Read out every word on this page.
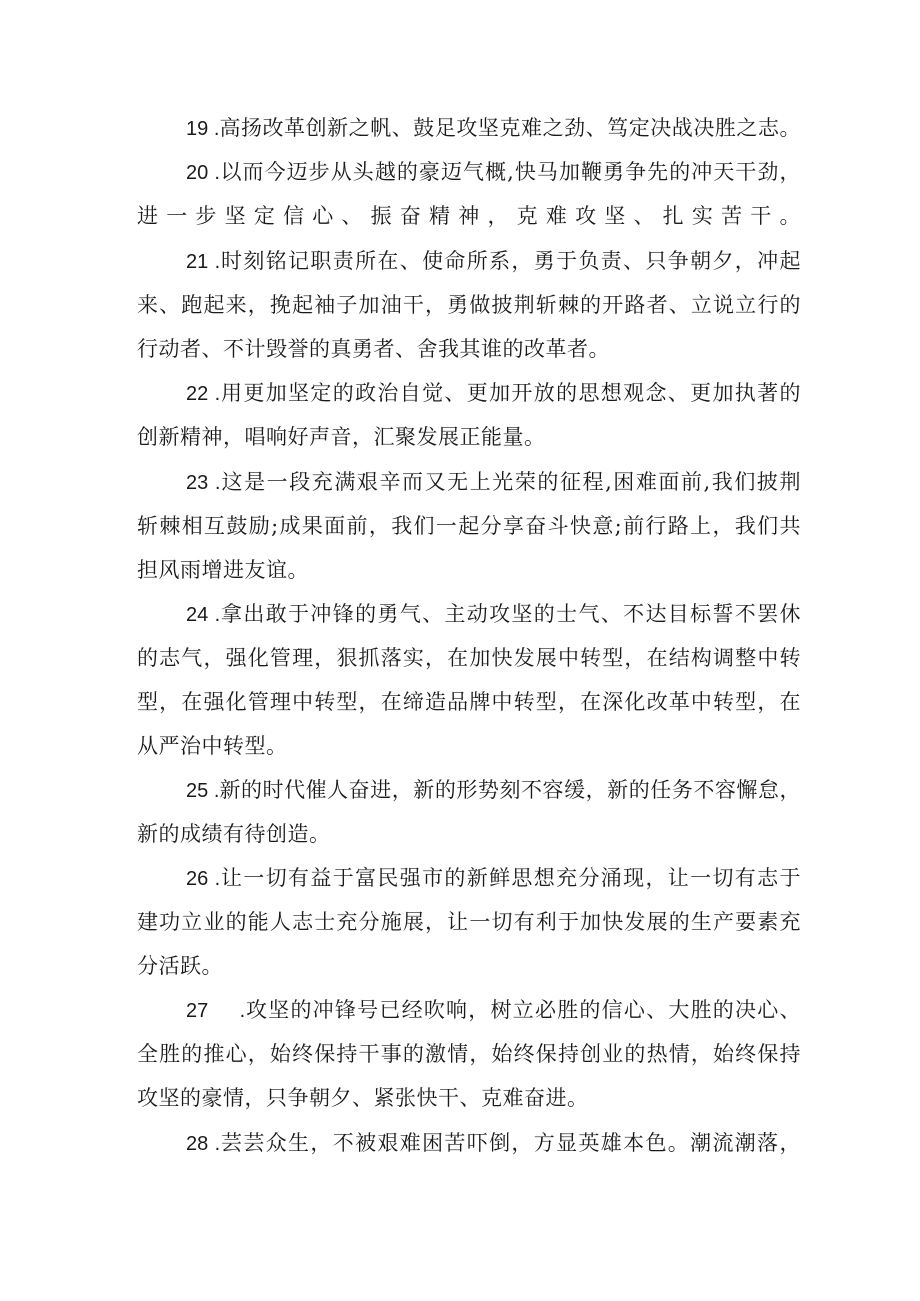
19 .高扬改革创新之帆、鼓足攻坚克难之劲、笃定决战决胜之志。
20 .以而今迈步从头越的豪迈气概,快马加鞭勇争先的冲天干劲，
进一步坚定信心、振奋精神，克难攻坚、扎实苦干。
21 .时刻铭记职责所在、使命所系，勇于负责、只争朝夕，冲起
来、跑起来，挽起袖子加油干，勇做披荆斩棘的开路者、立说立行的
行动者、不计毁誉的真勇者、舍我其谁的改革者。
22 .用更加坚定的政治自觉、更加开放的思想观念、更加执著的
创新精神，唱响好声音，汇聚发展正能量。
23 .这是一段充满艰辛而又无上光荣的征程,困难面前,我们披荆
斩棘相互鼓励;成果面前，我们一起分享奋斗快意;前行路上，我们共
担风雨增进友谊。
24 .拿出敢于冲锋的勇气、主动攻坚的士气、不达目标誓不罢休
的志气，强化管理，狠抓落实，在加快发展中转型，在结构调整中转
型，在强化管理中转型，在缔造品牌中转型，在深化改革中转型，在
从严治中转型。
25 .新的时代催人奋进，新的形势刻不容缓，新的任务不容懈怠，
新的成绩有待创造。
26 .让一切有益于富民强市的新鲜思想充分涌现，让一切有志于
建功立业的能人志士充分施展，让一切有利于加快发展的生产要素充
分活跃。
27     .攻坚的冲锋号已经吹响，树立必胜的信心、大胜的决心、
全胜的推心，始终保持干事的激情，始终保持创业的热情，始终保持
攻坚的豪情，只争朝夕、紧张快干、克难奋进。
28 .芸芸众生，不被艰难困苦吓倒，方显英雄本色。潮流潮落，
